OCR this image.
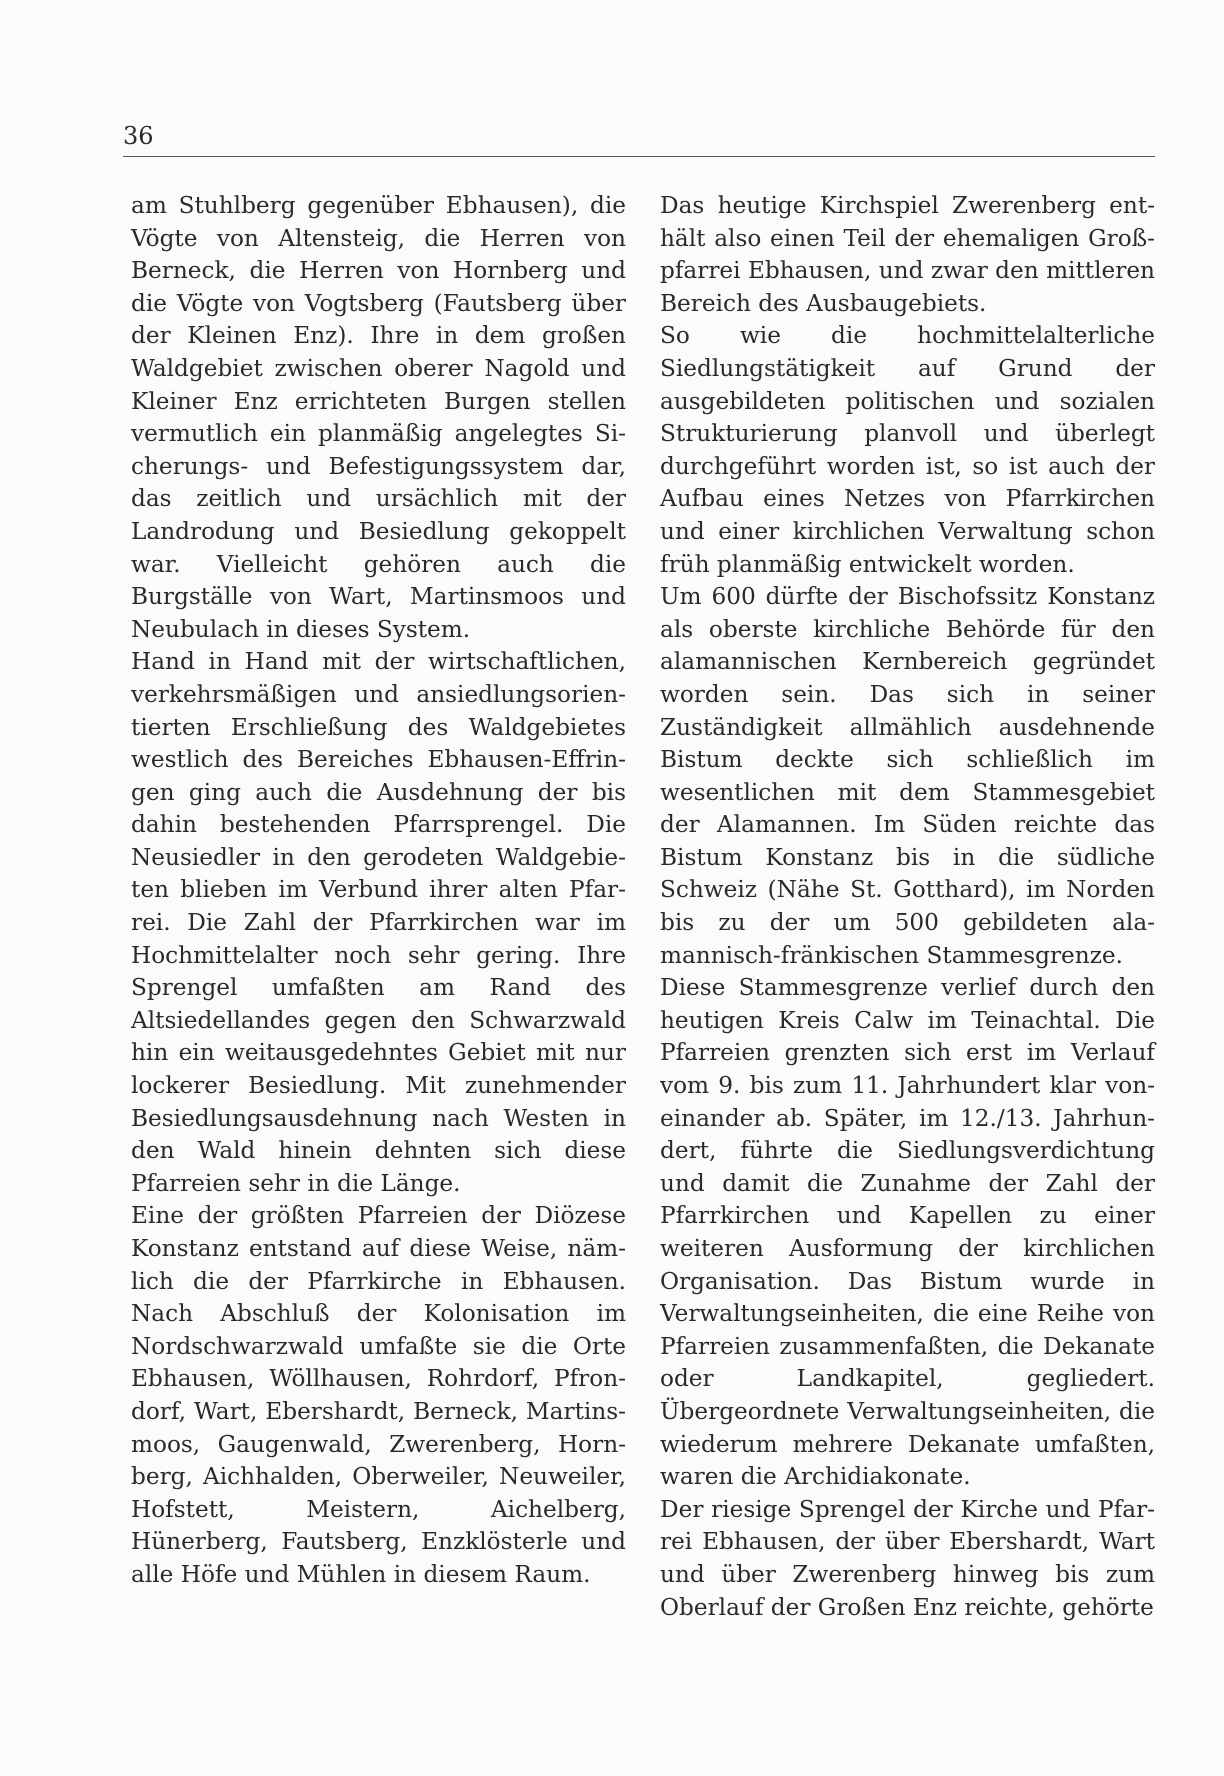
36

am Stuhlberg gegenüber Ebhausen), die Vögte von Altensteig, die Herren von Berneck, die Herren von Hornberg und die Vögte von Vogtsberg (Fautsberg über der Kleinen Enz). Ihre in dem großen Waldgebiet zwischen oberer Nagold und Kleiner Enz errichteten Burgen stellen vermutlich ein planmäßig angelegtes Sicherungs- und Befestigungssystem dar, das zeitlich und ursächlich mit der Landrodung und Besiedlung gekoppelt war. Vielleicht gehören auch die Burgställe von Wart, Martinsmoos und Neubulach in dieses System.

Hand in Hand mit der wirtschaftlichen, verkehrsmäßigen und ansiedlungsorientierten Erschließung des Waldgebietes westlich des Bereiches Ebhausen-Effringen ging auch die Ausdehnung der bis dahin bestehenden Pfarrsprengel. Die Neusiedler in den gerodeten Waldgebieten blieben im Verbund ihrer alten Pfarrei. Die Zahl der Pfarrkirchen war im Hochmittelalter noch sehr gering. Ihre Sprengel umfaßten am Rand des Altsiedellandes gegen den Schwarzwald hin ein weitausgedehntes Gebiet mit nur lockerer Besiedlung. Mit zunehmender Besiedlungsausdehnung nach Westen in den Wald hinein dehnten sich diese Pfarreien sehr in die Länge.

Eine der größten Pfarreien der Diözese Konstanz entstand auf diese Weise, nämlich die der Pfarrkirche in Ebhausen. Nach Abschluß der Kolonisation im Nordschwarzwald umfaßte sie die Orte Ebhausen, Wöllhausen, Rohrdorf, Pfrondorf, Wart, Ebershardt, Berneck, Martinsmoos, Gaugenwald, Zwerenberg, Hornberg, Aichhalden, Oberweiler, Neuweiler, Hofstett, Meistern, Aichelberg, Hünerberg, Fautsberg, Enzklösterle und alle Höfe und Mühlen in diesem Raum.

Das heutige Kirchspiel Zwerenberg enthält also einen Teil der ehemaligen Großpfarrei Ebhausen, und zwar den mittleren Bereich des Ausbaugebiets.

So wie die hochmittelalterliche Siedlungstätigkeit auf Grund der ausgebildeten politischen und sozialen Strukturierung planvoll und überlegt durchgeführt worden ist, so ist auch der Aufbau eines Netzes von Pfarrkirchen und einer kirchlichen Verwaltung schon früh planmäßig entwickelt worden.

Um 600 dürfte der Bischofssitz Konstanz als oberste kirchliche Behörde für den alamannischen Kernbereich gegründet worden sein. Das sich in seiner Zuständigkeit allmählich ausdehnende Bistum deckte sich schließlich im wesentlichen mit dem Stammesgebiet der Alamannen. Im Süden reichte das Bistum Konstanz bis in die südliche Schweiz (Nähe St. Gotthard), im Norden bis zu der um 500 gebildeten alamannisch-fränkischen Stammesgrenze.

Diese Stammesgrenze verlief durch den heutigen Kreis Calw im Teinachtal. Die Pfarreien grenzten sich erst im Verlauf vom 9. bis zum 11. Jahrhundert klar voneinander ab. Später, im 12./13. Jahrhundert, führte die Siedlungsverdichtung und damit die Zunahme der Zahl der Pfarrkirchen und Kapellen zu einer weiteren Ausformung der kirchlichen Organisation. Das Bistum wurde in Verwaltungseinheiten, die eine Reihe von Pfarreien zusammenfaßten, die Dekanate oder Landkapitel, gegliedert. Übergeordnete Verwaltungseinheiten, die wiederum mehrere Dekanate umfaßten, waren die Archidiakonate.

Der riesige Sprengel der Kirche und Pfarrei Ebhausen, der über Ebershardt, Wart und über Zwerenberg hinweg bis zum Oberlauf der Großen Enz reichte, gehörte
